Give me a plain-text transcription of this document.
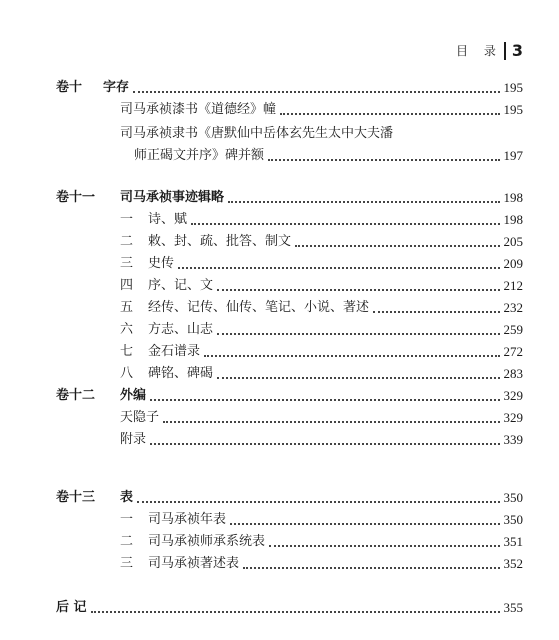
目 录 3
卷十 字存	195
司马承祯漆书《道德经》幢	195
司马承祯隶书《唐默仙中岳体玄先生太中大夫潘
师正碣文并序》碑并额	197
卷十一 司马承祯事迹辑略	198
一 诗、赋	198
二 敕、封、疏、批答、制文	205
三 史传	209
四 序、记、文	212
五 经传、记传、仙传、笔记、小说、著述	232
六 方志、山志	259
七 金石谱录	272
八 碑铭、碑碣	283
卷十二 外编	329
天隐子	329
附录	339
卷十三 表	350
一 司马承祯年表	350
二 司马承祯师承系统表	351
三 司马承祯著述表	352
后 记	355
